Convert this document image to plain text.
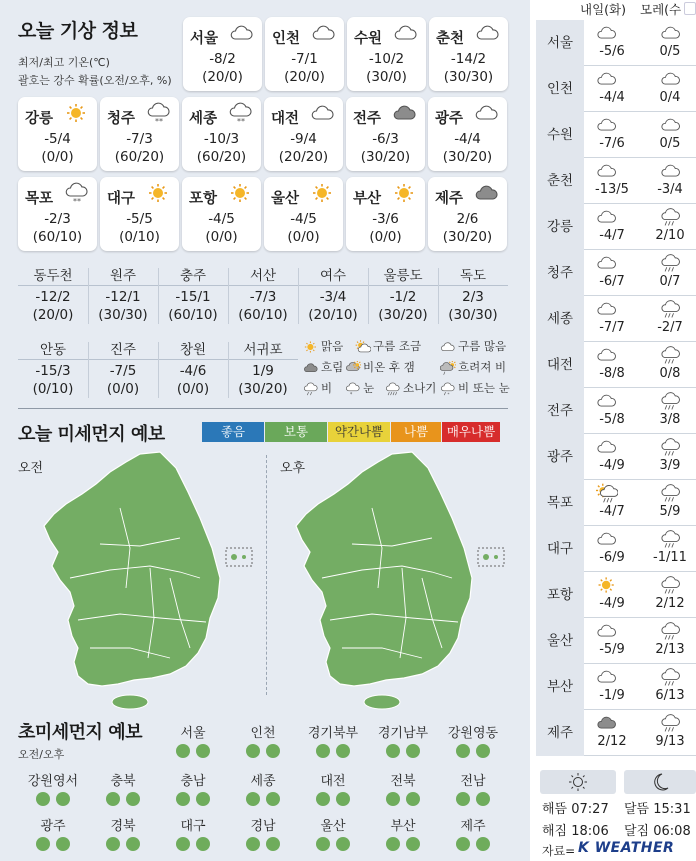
오늘 기상 정보
최저/최고 기온(℃)
괄호는 강수 확률(오전/오후, %)
서울
-8/2
(20/0)
인천
-7/1
(20/0)
수원
-10/2
(30/0)
춘천
-14/2
(30/30)
강릉
-5/4
(0/0)
청주 **
-7/3
(60/20)
세종 **
-10/3
(60/20)
대전
-9/4
(20/20)
전주
-6/3
(30/20)
광주
-4/4
(30/20)
목포 **
-2/3
(60/10)
대구
-5/5
(0/10)
포항
-4/5
(0/0)
울산
-4/5
(0/0)
부산
-3/6
(0/0)
제주
2/6
(30/20)
동두천
-12/2
(20/0)
원주
-12/1
(30/30)
충주
-15/1
(60/10)
서산
-7/3
(60/10)
여수
-3/4
(20/10)
울릉도
-1/2
(30/20)
독도
2/3
(30/30)
안동
-15/3
(0/10)
진주
-7/5
(0/0)
창원
-4/6
(0/0)
서귀포
1/9
(30/20)
맑음	구름 조금	구름 많음
흐림	비온 후 갬	흐려져 비
비 * 눈	소나기 * 비 또는 눈
오늘 미세먼지 예보	좋음	보통	약간나쁨	나쁨	매우나쁨
오전	오후
초미세먼지 예보
오전/오후
서울	인천	경기북부	경기남부	강원영동
강원영서	충북	충남	세종	대전	전북	전남
광주	경북	대구	경남	울산	부산	제주
내일(화) 모레(수
서울
-5/6	0/5
인천
-4/4	0/4
수원
-7/6	0/5
춘천
-13/5	-3/4
강릉
-4/7	2/10
청주
-6/7	0/7
세종
-7/7	-2/7
대전
-8/8	0/8
전주
-5/8	3/8
광주
-4/9	3/9
목포
-4/7	5/9
대구
-6/9	-1/11
포항
-4/9	2/12
울산
-5/9	2/13
부산
-1/9	6/13
제주
2/12	9/13
해뜸 07:27
해짐 18:06
달뜸 15:31
달짐 06:08
자료= K WEATHER
